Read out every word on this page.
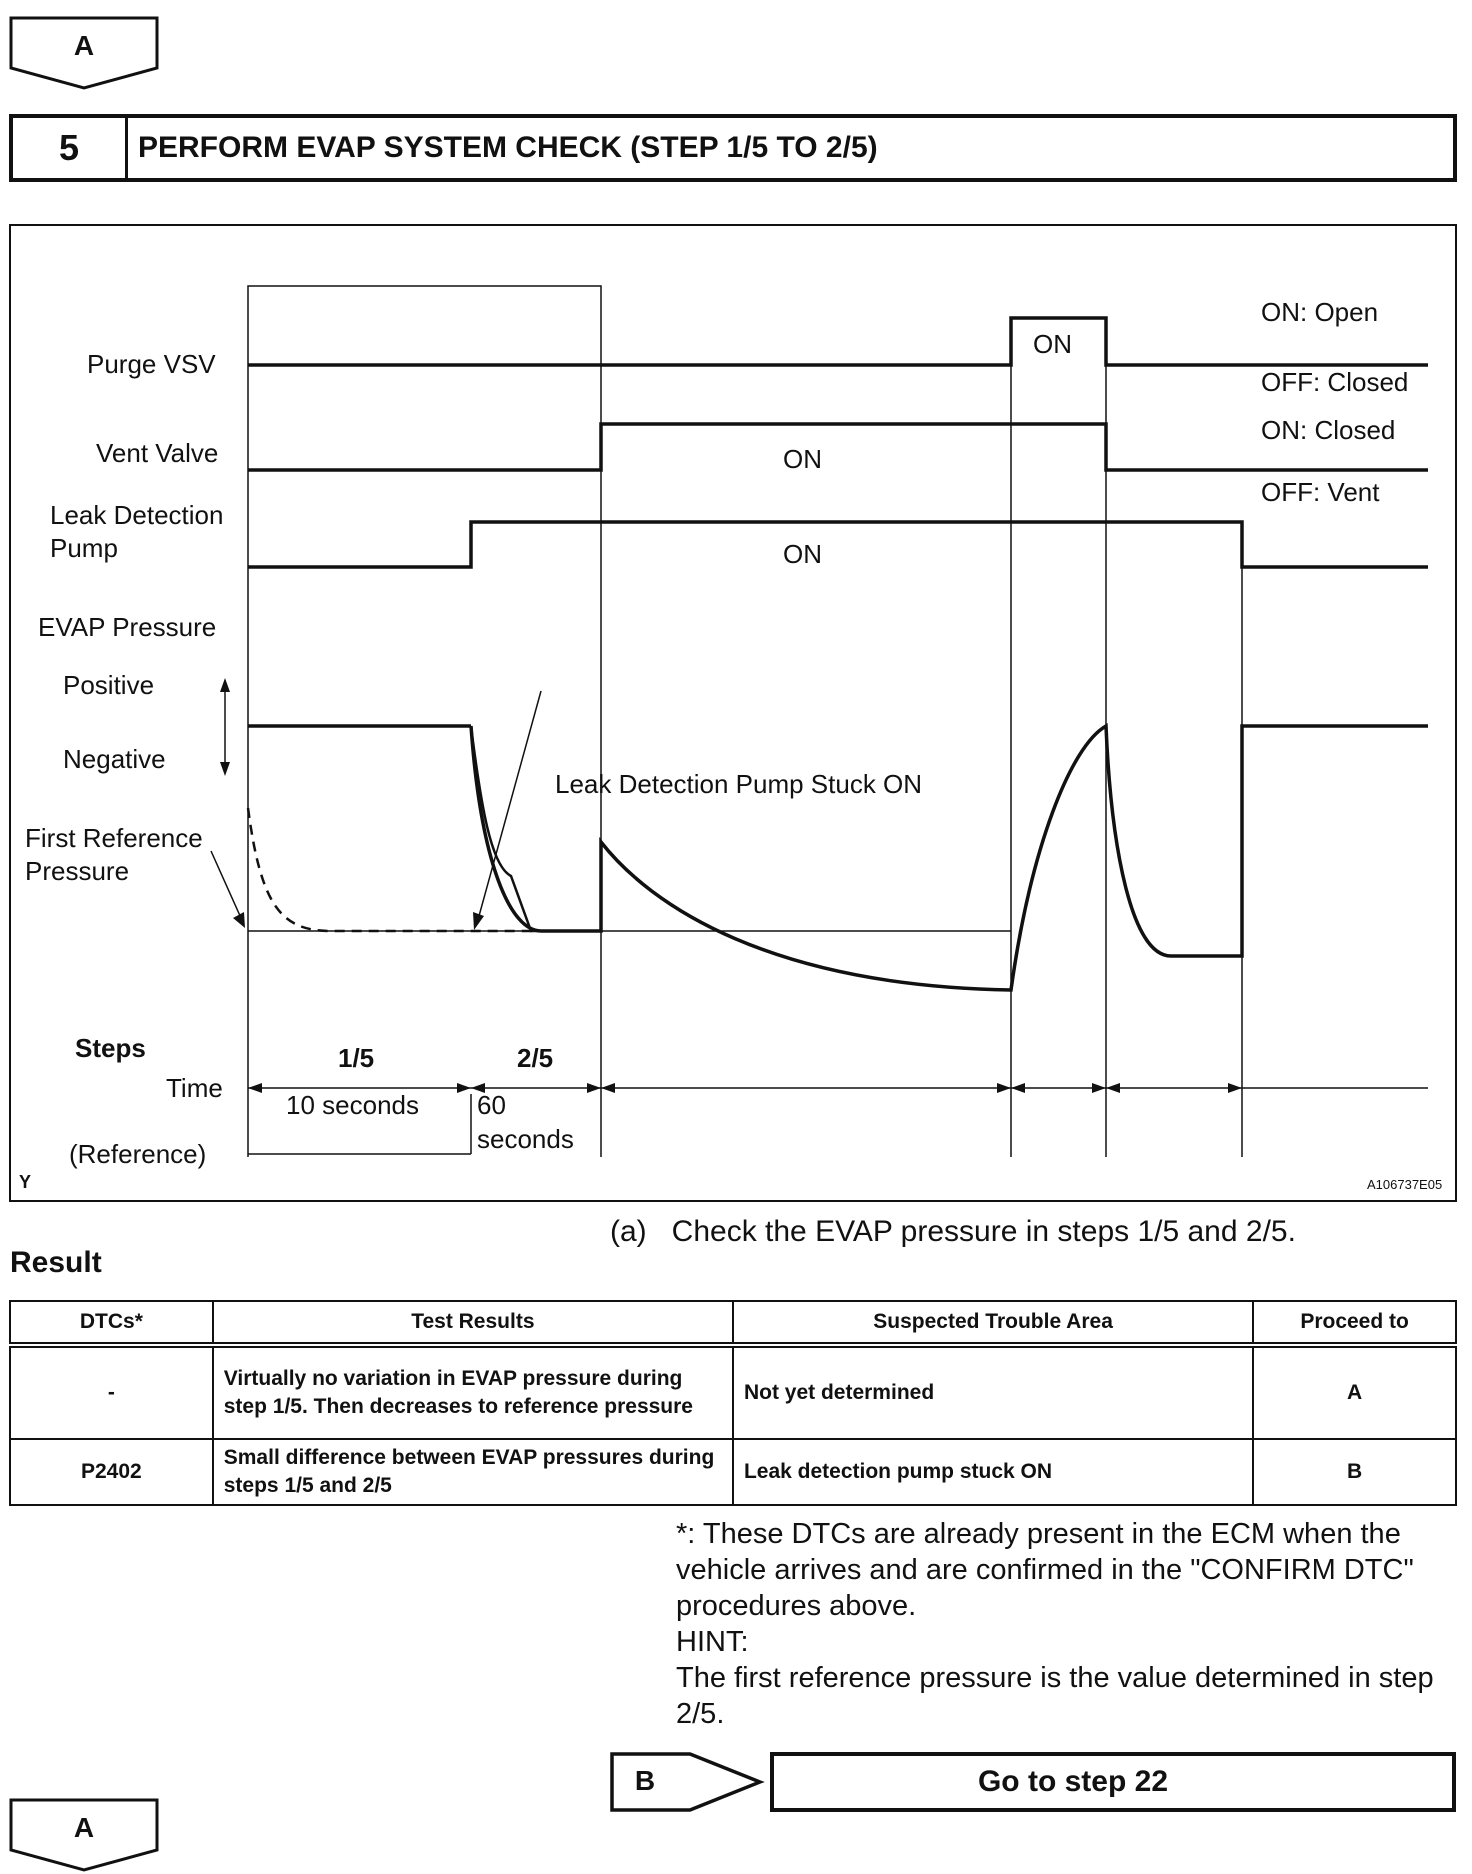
A
5	PERFORM EVAP SYSTEM CHECK (STEP 1/5 TO 2/5)
Purge VSV
Vent Valve
Leak Detection
Pump
EVAP Pressure
Positive
Negative
First Reference
Pressure
Steps
Time
(Reference)
Y
ON
ON
ON
ON: Open
OFF: Closed
ON: Closed
OFF: Vent
Leak Detection Pump Stuck ON
1/5	2/5
10 seconds 60
seconds
A106737E05
(a)   Check the EVAP pressure in steps 1/5 and 2/5.
Result
DTCs*	Test Results	Suspected Trouble Area	Proceed to
-	Virtually no variation in EVAP pressure during step 1/5. Then decreases to reference pressure	Not yet determined	A
P2402	Small difference between EVAP pressures during steps 1/5 and 2/5	Leak detection pump stuck ON	B
*: These DTCs are already present in the ECM when the vehicle arrives and are confirmed in the "CONFIRM DTC" procedures above.
HINT:
The first reference pressure is the value determined in step 2/5.
B	Go to step 22
A
